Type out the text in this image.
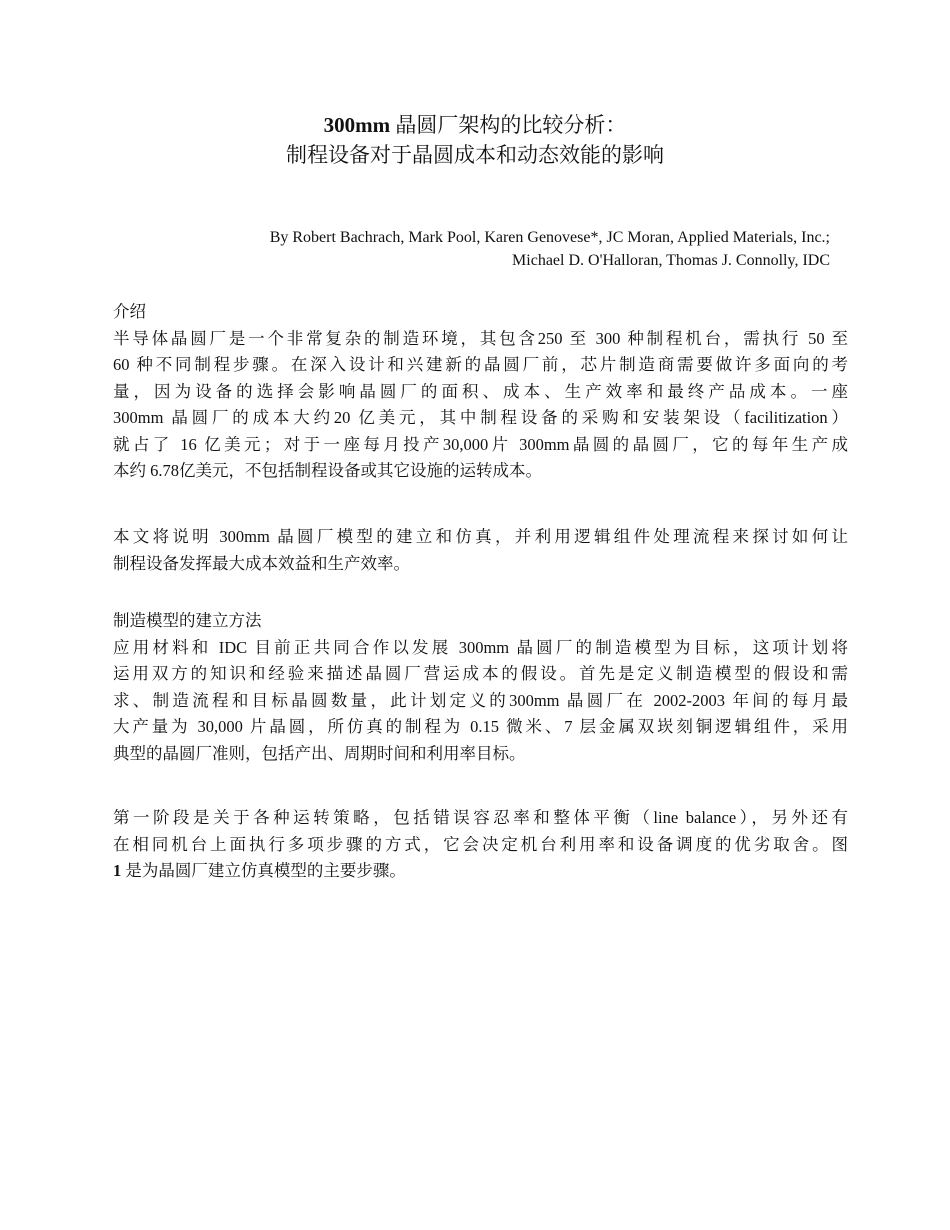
300mm 晶圆厂架构的比较分析：
制程设备对于晶圆成本和动态效能的影响
By Robert Bachrach, Mark Pool, Karen Genovese*, JC Moran, Applied Materials, Inc.;
Michael D. O'Halloran, Thomas J. Connolly, IDC
介绍
半导体晶圆厂是一个非常复杂的制造环境，其包含250 至 300 种制程机台，需执行 50 至
60 种不同制程步骤。在深入设计和兴建新的晶圆厂前，芯片制造商需要做许多面向的考
量，因为设备的选择会影响晶圆厂的面积、成本、生产效率和最终产品成本。一座
300mm 晶圆厂的成本大约20 亿美元，其中制程设备的采购和安装架设（facilitization）
就占了 16 亿美元；对于一座每月投产30,000片 300mm晶圆的晶圆厂，它的每年生产成
本约 6.78亿美元，不包括制程设备或其它设施的运转成本。
本文将说明 300mm 晶圆厂模型的建立和仿真，并利用逻辑组件处理流程来探讨如何让
制程设备发挥最大成本效益和生产效率。
制造模型的建立方法
应用材料和 IDC 目前正共同合作以发展 300mm 晶圆厂的制造模型为目标，这项计划将
运用双方的知识和经验来描述晶圆厂营运成本的假设。首先是定义制造模型的假设和需
求、制造流程和目标晶圆数量，此计划定义的300mm 晶圆厂在 2002-2003 年间的每月最
大产量为 30,000 片晶圆，所仿真的制程为 0.15 微米、7 层金属双崁刻铜逻辑组件，采用
典型的晶圆厂准则，包括产出、周期时间和利用率目标。
第一阶段是关于各种运转策略，包括错误容忍率和整体平衡（line balance），另外还有
在相同机台上面执行多项步骤的方式，它会决定机台利用率和设备调度的优劣取舍。图
1 是为晶圆厂建立仿真模型的主要步骤。
